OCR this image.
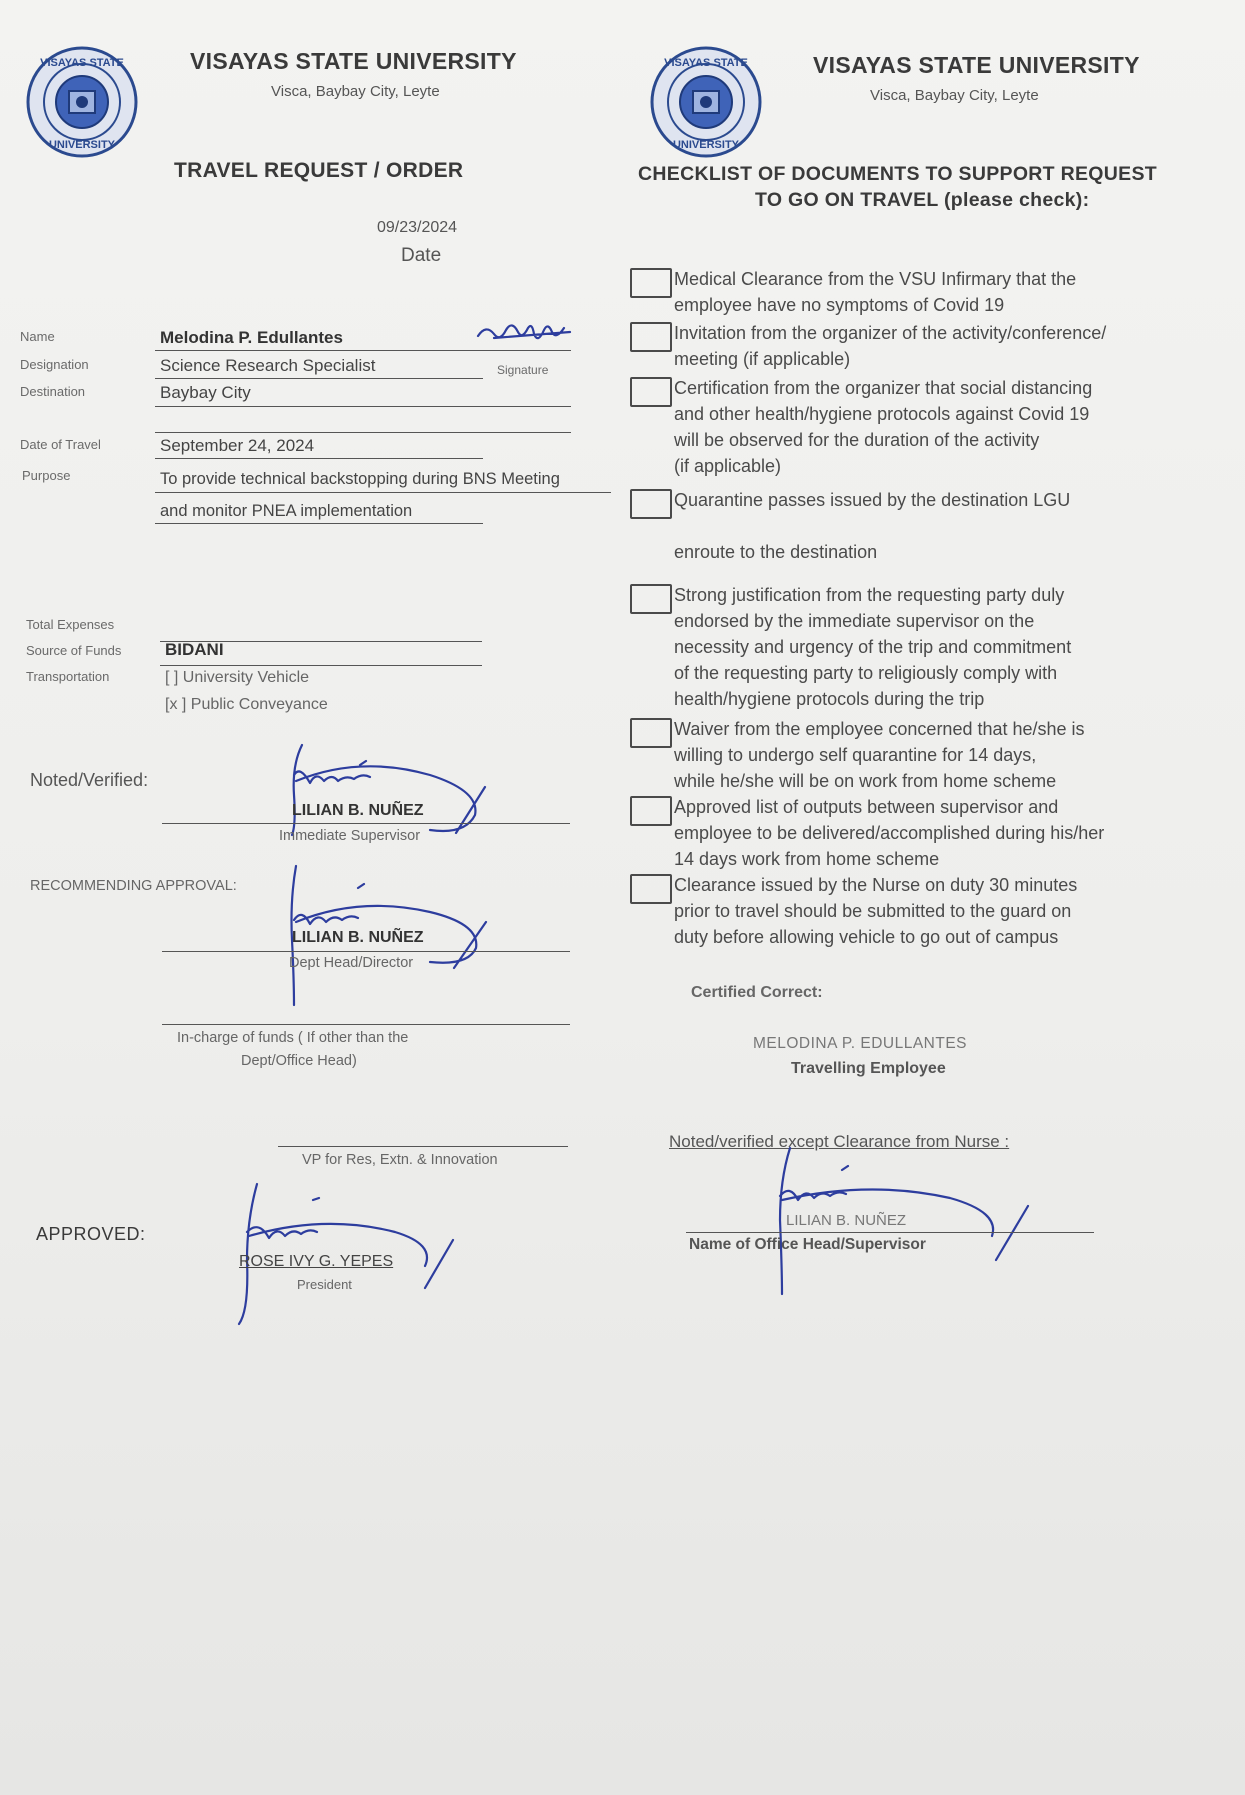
VISAYAS STATE
UNIVERSITY
VISAYAS STATE UNIVERSITY
Visca, Baybay City, Leyte
VISAYAS STATE
UNIVERSITY
VISAYAS STATE UNIVERSITY
Visca, Baybay City, Leyte
TRAVEL REQUEST / ORDER
09/23/2024
Date
Name	Melodina P. Edullantes
Signature
Designation	Science Research Specialist
Destination	Baybay City
Date of Travel	September 24, 2024
Purpose	To provide technical backstopping during BNS Meeting
and monitor PNEA implementation
Total Expenses
Source of Funds	BIDANI
Transportation	[ ] University Vehicle
[x ] Public Conveyance
Noted/Verified:
LILIAN B. NUÑEZ
Immediate Supervisor
RECOMMENDING APPROVAL:
LILIAN B. NUÑEZ
Dept Head/Director
In-charge of funds ( If other than the
Dept/Office Head)
VP for Res, Extn. & Innovation
APPROVED:
ROSE IVY G. YEPES
President
CHECKLIST OF DOCUMENTS TO SUPPORT REQUEST
TO GO ON TRAVEL (please check):
Medical Clearance from the VSU Infirmary that the
employee have no symptoms of Covid 19
Invitation from the organizer of the activity/conference/
meeting (if applicable)
Certification from the organizer that social distancing
and other health/hygiene protocols against Covid 19
will be observed for the duration of the activity
(if applicable)
Quarantine passes issued by the destination LGU
enroute to the destination
Strong justification from the requesting party duly
endorsed by the immediate supervisor on the
necessity and urgency of the trip and commitment
of the requesting party to religiously comply with
health/hygiene protocols during the trip
Waiver from the employee concerned that he/she is
willing to undergo self quarantine for 14 days,
while he/she will be on work from home scheme
Approved list of outputs between supervisor and
employee to be delivered/accomplished during his/her
14 days work from home scheme
Clearance issued by the Nurse on duty 30 minutes
prior to travel should be submitted to the guard on
duty before allowing vehicle to go out of campus
Certified Correct:
MELODINA P. EDULLANTES
Travelling Employee
Noted/verified except Clearance from Nurse :
LILIAN B. NUÑEZ
Name of Office Head/Supervisor
